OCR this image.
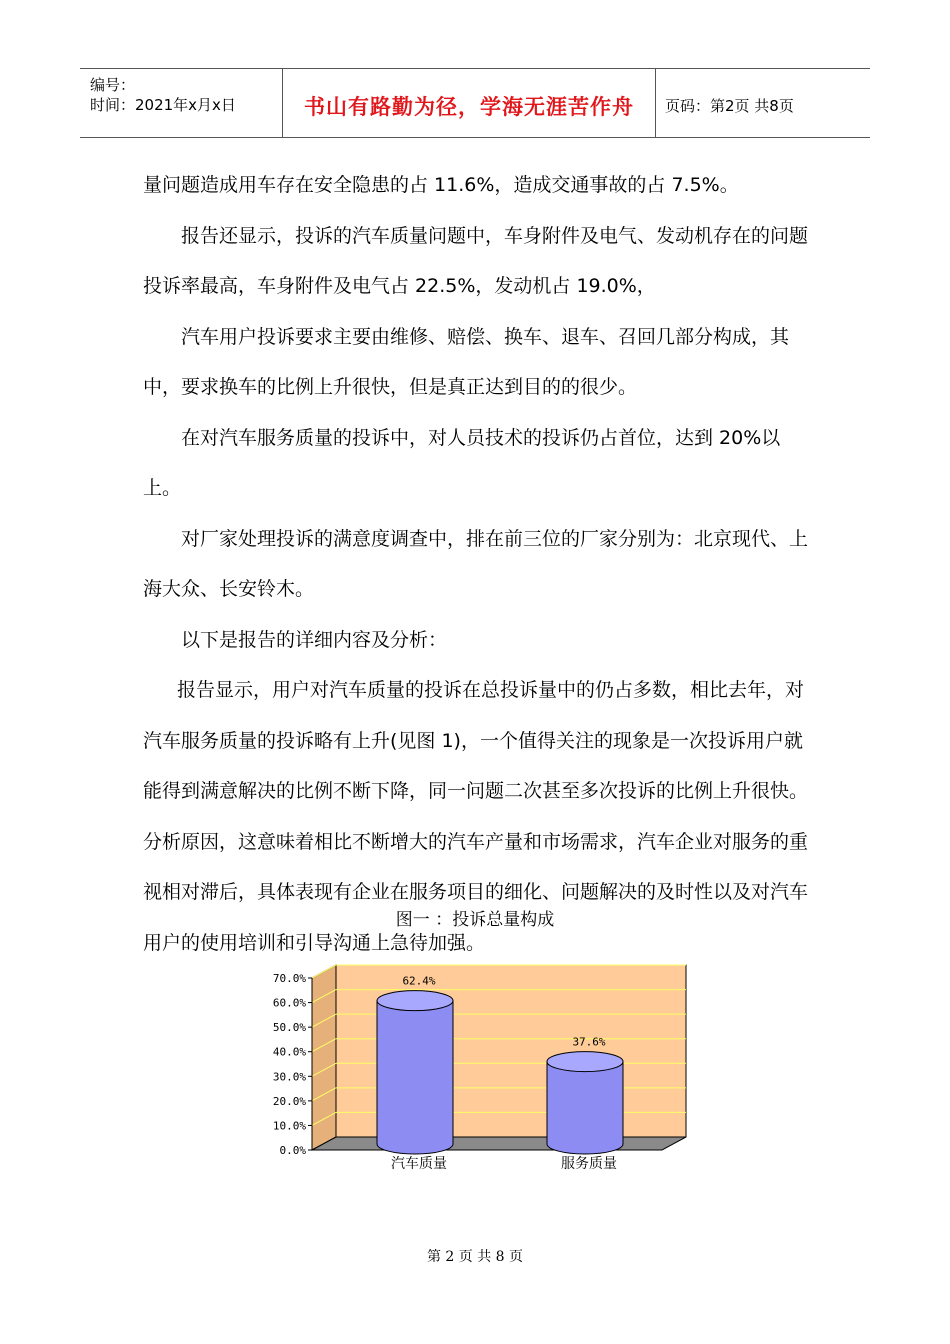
编号：
时间：2021年x月x日	书山有路勤为径，学海无涯苦作舟	页码：第2页 共8页

量问题造成用车存在安全隐患的占 11.6%，造成交通事故的占 7.5%。

报告还显示，投诉的汽车质量问题中，车身附件及电气、发动机存在的问题投诉率最高，车身附件及电气占 22.5%，发动机占 19.0%，

汽车用户投诉要求主要由维修、赔偿、换车、退车、召回几部分构成，其中，要求换车的比例上升很快，但是真正达到目的的很少。

在对汽车服务质量的投诉中，对人员技术的投诉仍占首位，达到 20%以上。

对厂家处理投诉的满意度调查中，排在前三位的厂家分别为：北京现代、上海大众、长安铃木。

以下是报告的详细内容及分析：

报告显示，用户对汽车质量的投诉在总投诉量中的仍占多数，相比去年，对汽车服务质量的投诉略有上升(见图 1)，一个值得关注的现象是一次投诉用户就能得到满意解决的比例不断下降，同一问题二次甚至多次投诉的比例上升很快。分析原因，这意味着相比不断增大的汽车产量和市场需求，汽车企业对服务的重视相对滞后，具体表现有企业在服务项目的细化、问题解决的及时性以及对汽车用户的使用培训和引导沟通上急待加强。

图一 ：投诉总量构成
0.0%
10.0%
20.0%
30.0%
40.0%
50.0%
60.0%
70.0%	62.4%
汽车质量
37.6%
服务质量
第 2 页 共 8 页
